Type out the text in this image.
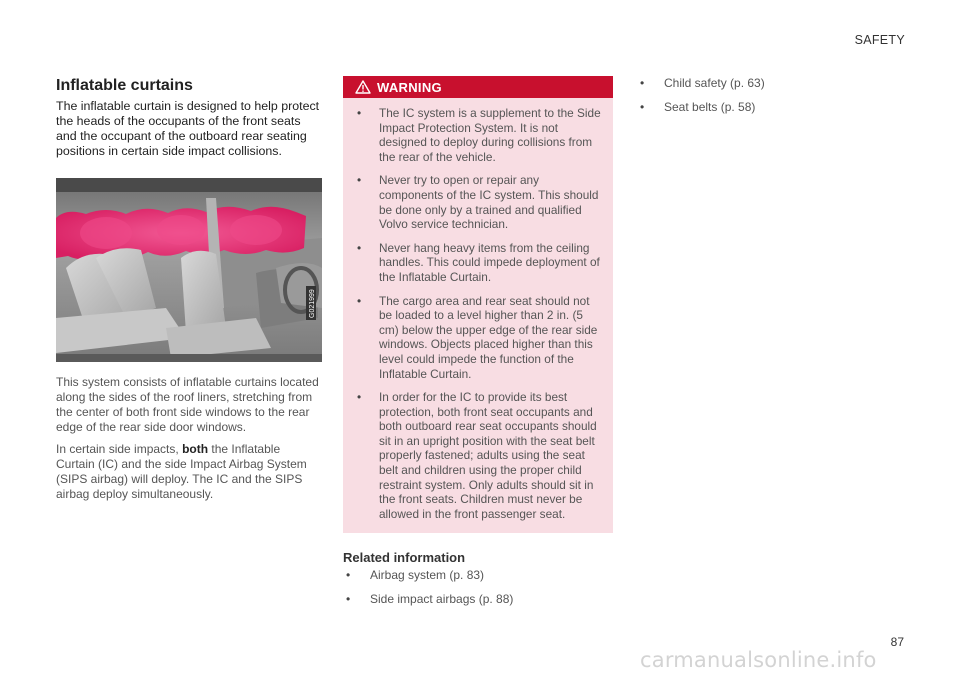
SAFETY
Inflatable curtains

The inflatable curtain is designed to help protect the heads of the occupants of the front seats and the occupant of the outboard rear seating positions in certain side impact collisions.

G021999

This system consists of inflatable curtains located along the sides of the roof liners, stretching from the center of both front side windows to the rear edge of the rear side door windows.

In certain side impacts, both the Inflatable Curtain (IC) and the side Impact Airbag System (SIPS airbag) will deploy. The IC and the SIPS airbag deploy simultaneously.

WARNING
• The IC system is a supplement to the Side Impact Protection System. It is not designed to deploy during collisions from the rear of the vehicle.
• Never try to open or repair any components of the IC system. This should be done only by a trained and qualified Volvo service technician.
• Never hang heavy items from the ceiling handles. This could impede deployment of the Inflatable Curtain.
• The cargo area and rear seat should not be loaded to a level higher than 2 in. (5 cm) below the upper edge of the rear side windows. Objects placed higher than this level could impede the function of the Inflatable Curtain.
• In order for the IC to provide its best protection, both front seat occupants and both outboard rear seat occupants should sit in an upright position with the seat belt properly fastened; adults using the seat belt and children using the proper child restraint system. Only adults should sit in the front seats. Children must never be allowed in the front passenger seat.
Related information
• Airbag system (p. 83)
• Side impact airbags (p. 88)
• Child safety (p. 63)
• Seat belts (p. 58)
87
carmanualsonline.info
